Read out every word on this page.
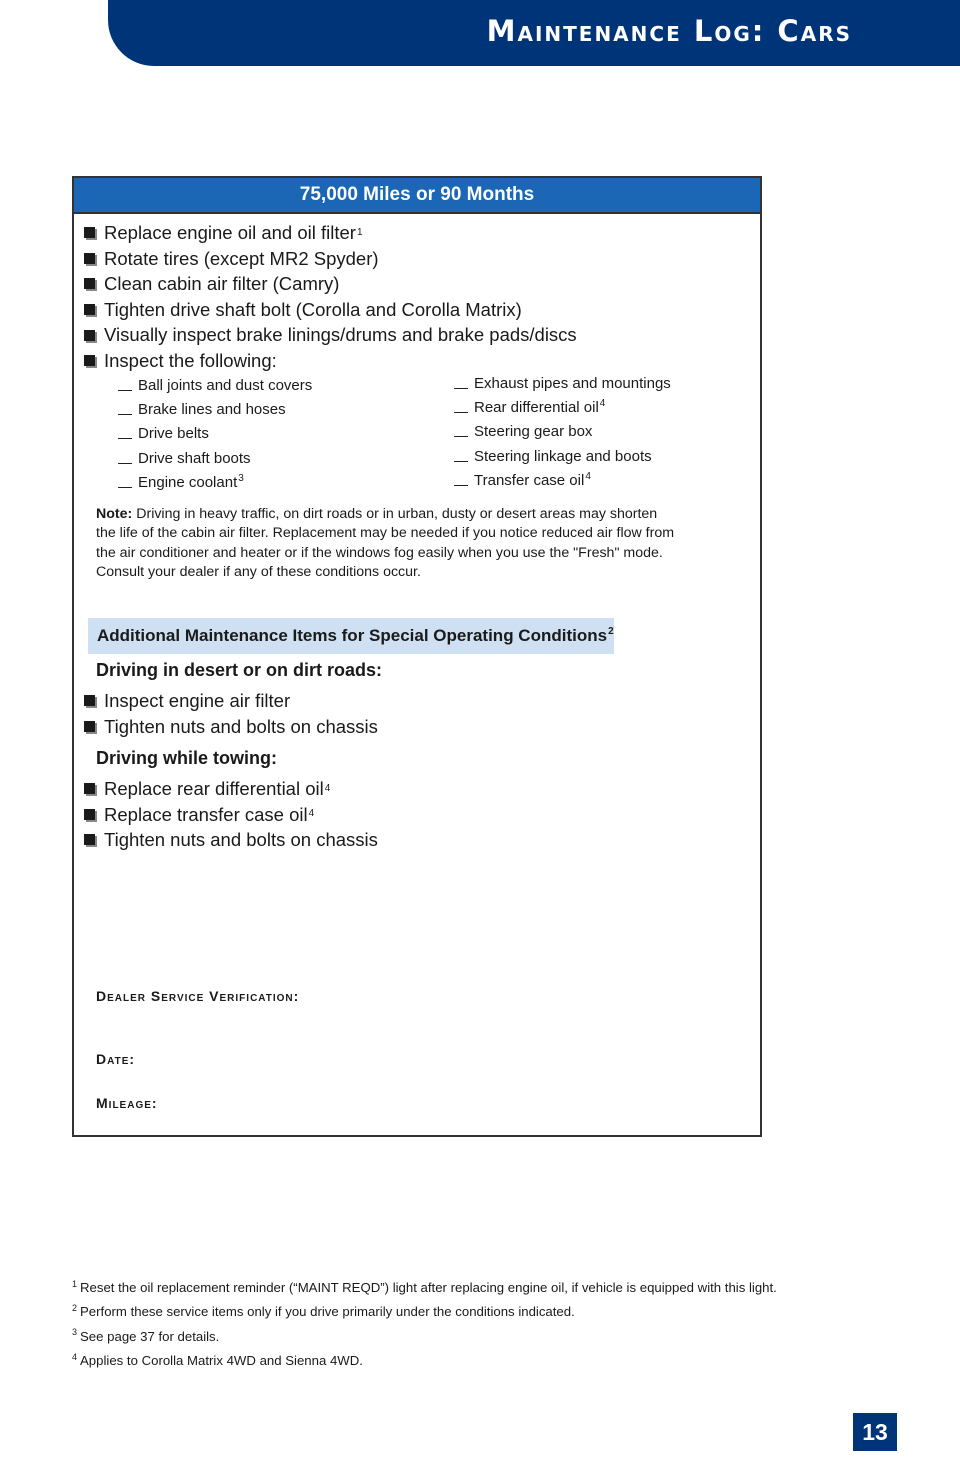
Maintenance Log: Cars
75,000 Miles or 90 Months
Replace engine oil and oil filter 1
Rotate tires (except MR2 Spyder)
Clean cabin air filter (Camry)
Tighten drive shaft bolt (Corolla and Corolla Matrix)
Visually inspect brake linings/drums and brake pads/discs
Inspect the following:
Ball joints and dust covers
Brake lines and hoses
Drive belts
Drive shaft boots
Engine coolant$^3$
Exhaust pipes and mountings
Rear differential oil$^4$
Steering gear box
Steering linkage and boots
Transfer case oil$^4$
Note: Driving in heavy traffic, on dirt roads or in urban, dusty or desert areas may shorten the life of the cabin air filter. Replacement may be needed if you notice reduced air flow from the air conditioner and heater or if the windows fog easily when you use the "Fresh" mode. Consult your dealer if any of these conditions occur.
Additional Maintenance Items for Special Operating Conditions$^2$
Driving in desert or on dirt roads:
Inspect engine air filter
Tighten nuts and bolts on chassis
Driving while towing:
Replace rear differential oil 4
Replace transfer case oil 4
Tighten nuts and bolts on chassis
Dealer Service Verification:
Date:
Mileage:

$^1$ Reset the oil replacement reminder (“MAINT REQD”) light after replacing engine oil, if vehicle is equipped with this light.

$^2$ Perform these service items only if you drive primarily under the conditions indicated.

$^3$ See page 37 for details.

$^4$ Applies to Corolla Matrix 4WD and Sienna 4WD.

13
